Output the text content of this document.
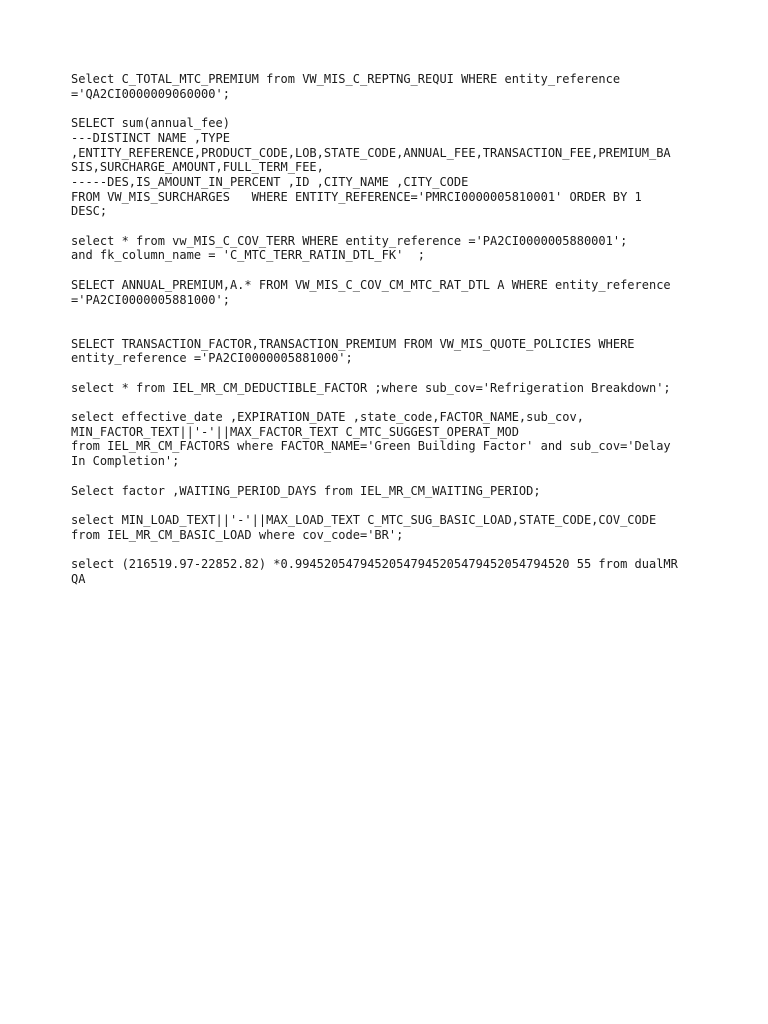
Select C_TOTAL_MTC_PREMIUM from VW_MIS_C_REPTNG_REQUI WHERE entity_reference
='QA2CI0000009060000';
SELECT sum(annual_fee)
---DISTINCT NAME ,TYPE
,ENTITY_REFERENCE,PRODUCT_CODE,LOB,STATE_CODE,ANNUAL_FEE,TRANSACTION_FEE,PREMIUM_BA
SIS,SURCHARGE_AMOUNT,FULL_TERM_FEE,
-----DES,IS_AMOUNT_IN_PERCENT ,ID ,CITY_NAME ,CITY_CODE
FROM VW_MIS_SURCHARGES   WHERE ENTITY_REFERENCE='PMRCI0000005810001' ORDER BY 1
DESC;
select * from vw_MIS_C_COV_TERR WHERE entity_reference ='PA2CI0000005880001';
and fk_column_name = 'C_MTC_TERR_RATIN_DTL_FK'  ;
SELECT ANNUAL_PREMIUM,A.* FROM VW_MIS_C_COV_CM_MTC_RAT_DTL A WHERE entity_reference
='PA2CI0000005881000';
SELECT TRANSACTION_FACTOR,TRANSACTION_PREMIUM FROM VW_MIS_QUOTE_POLICIES WHERE
entity_reference ='PA2CI0000005881000';
select * from IEL_MR_CM_DEDUCTIBLE_FACTOR ;where sub_cov='Refrigeration Breakdown';
select effective_date ,EXPIRATION_DATE ,state_code,FACTOR_NAME,sub_cov,
MIN_FACTOR_TEXT||'-'||MAX_FACTOR_TEXT C_MTC_SUGGEST_OPERAT_MOD
from IEL_MR_CM_FACTORS where FACTOR_NAME='Green Building Factor' and sub_cov='Delay
In Completion';
Select factor ,WAITING_PERIOD_DAYS from IEL_MR_CM_WAITING_PERIOD;
select MIN_LOAD_TEXT||'-'||MAX_LOAD_TEXT C_MTC_SUG_BASIC_LOAD,STATE_CODE,COV_CODE
from IEL_MR_CM_BASIC_LOAD where cov_code='BR';
select (216519.97-22852.82) *0.99452054794520547945205479452054794520 55 from dualMR
QA
